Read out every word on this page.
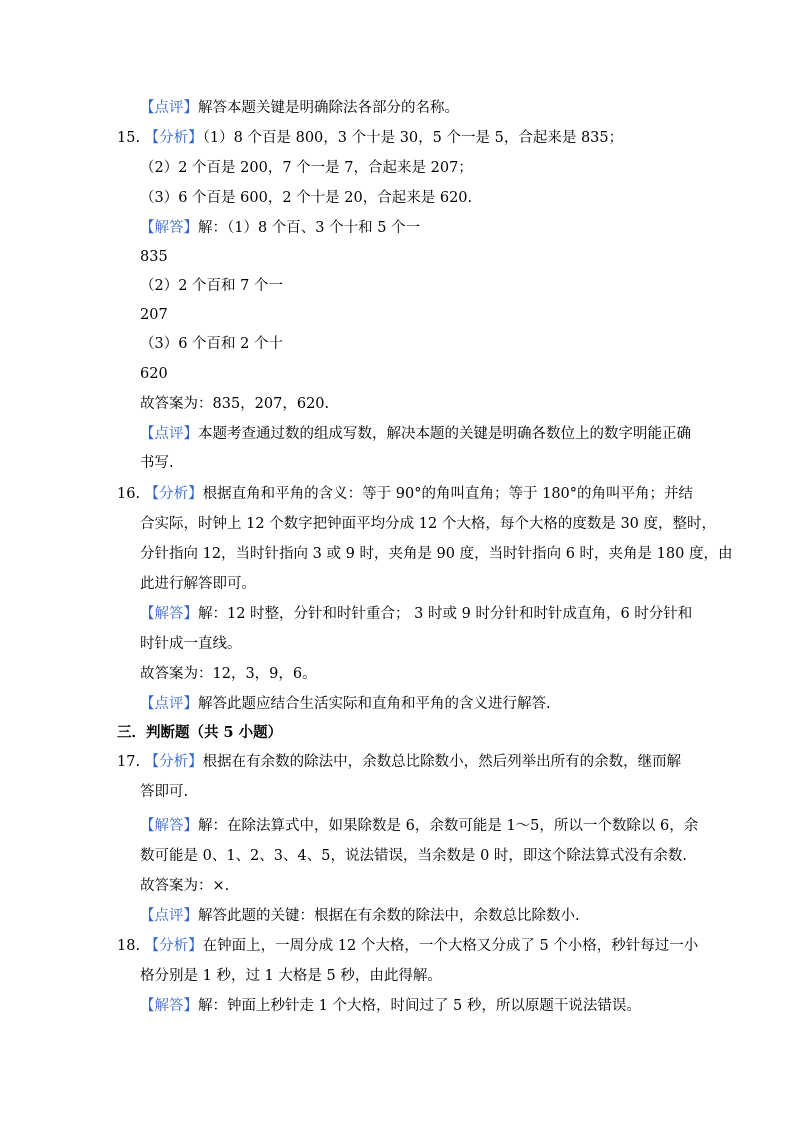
【点评】解答本题关键是明确除法各部分的名称。
15. 【分析】（1）8 个百是 800，3 个十是 30，5 个一是 5，合起来是 835；
（2）2 个百是 200，7 个一是 7，合起来是 207；
（3）6 个百是 600，2 个十是 20，合起来是 620.
【解答】解：（1）8 个百、3 个十和 5 个一
835
（2）2 个百和 7 个一
207
（3）6 个百和 2 个十
620
故答案为：835，207，620.
【点评】本题考查通过数的组成写数，解决本题的关键是明确各数位上的数字明能正确
书写.
16. 【分析】根据直角和平角的含义：等于 90°的角叫直角；等于 180°的角叫平角；并结
合实际，时钟上 12 个数字把钟面平均分成 12 个大格，每个大格的度数是 30 度，整时，
分针指向 12，当时针指向 3 或 9 时，夹角是 90 度，当时针指向 6 时，夹角是 180 度，由
此进行解答即可。
【解答】解：12 时整，分针和时针重合； 3 时或 9 时分针和时针成直角，6 时分针和
时针成一直线。
故答案为：12，3，9，6。
【点评】解答此题应结合生活实际和直角和平角的含义进行解答.
三．判断题（共 5 小题）
17. 【分析】根据在有余数的除法中，余数总比除数小，然后列举出所有的余数，继而解
答即可.
【解答】解：在除法算式中，如果除数是 6，余数可能是 1～5，所以一个数除以 6，余
数可能是 0、1、2、3、4、5，说法错误，当余数是 0 时，即这个除法算式没有余数.
故答案为：×.
【点评】解答此题的关键：根据在有余数的除法中，余数总比除数小.
18. 【分析】在钟面上，一周分成 12 个大格，一个大格又分成了 5 个小格，秒针每过一小
格分别是 1 秒，过 1 大格是 5 秒，由此得解。
【解答】解：钟面上秒针走 1 个大格，时间过了 5 秒，所以原题干说法错误。
